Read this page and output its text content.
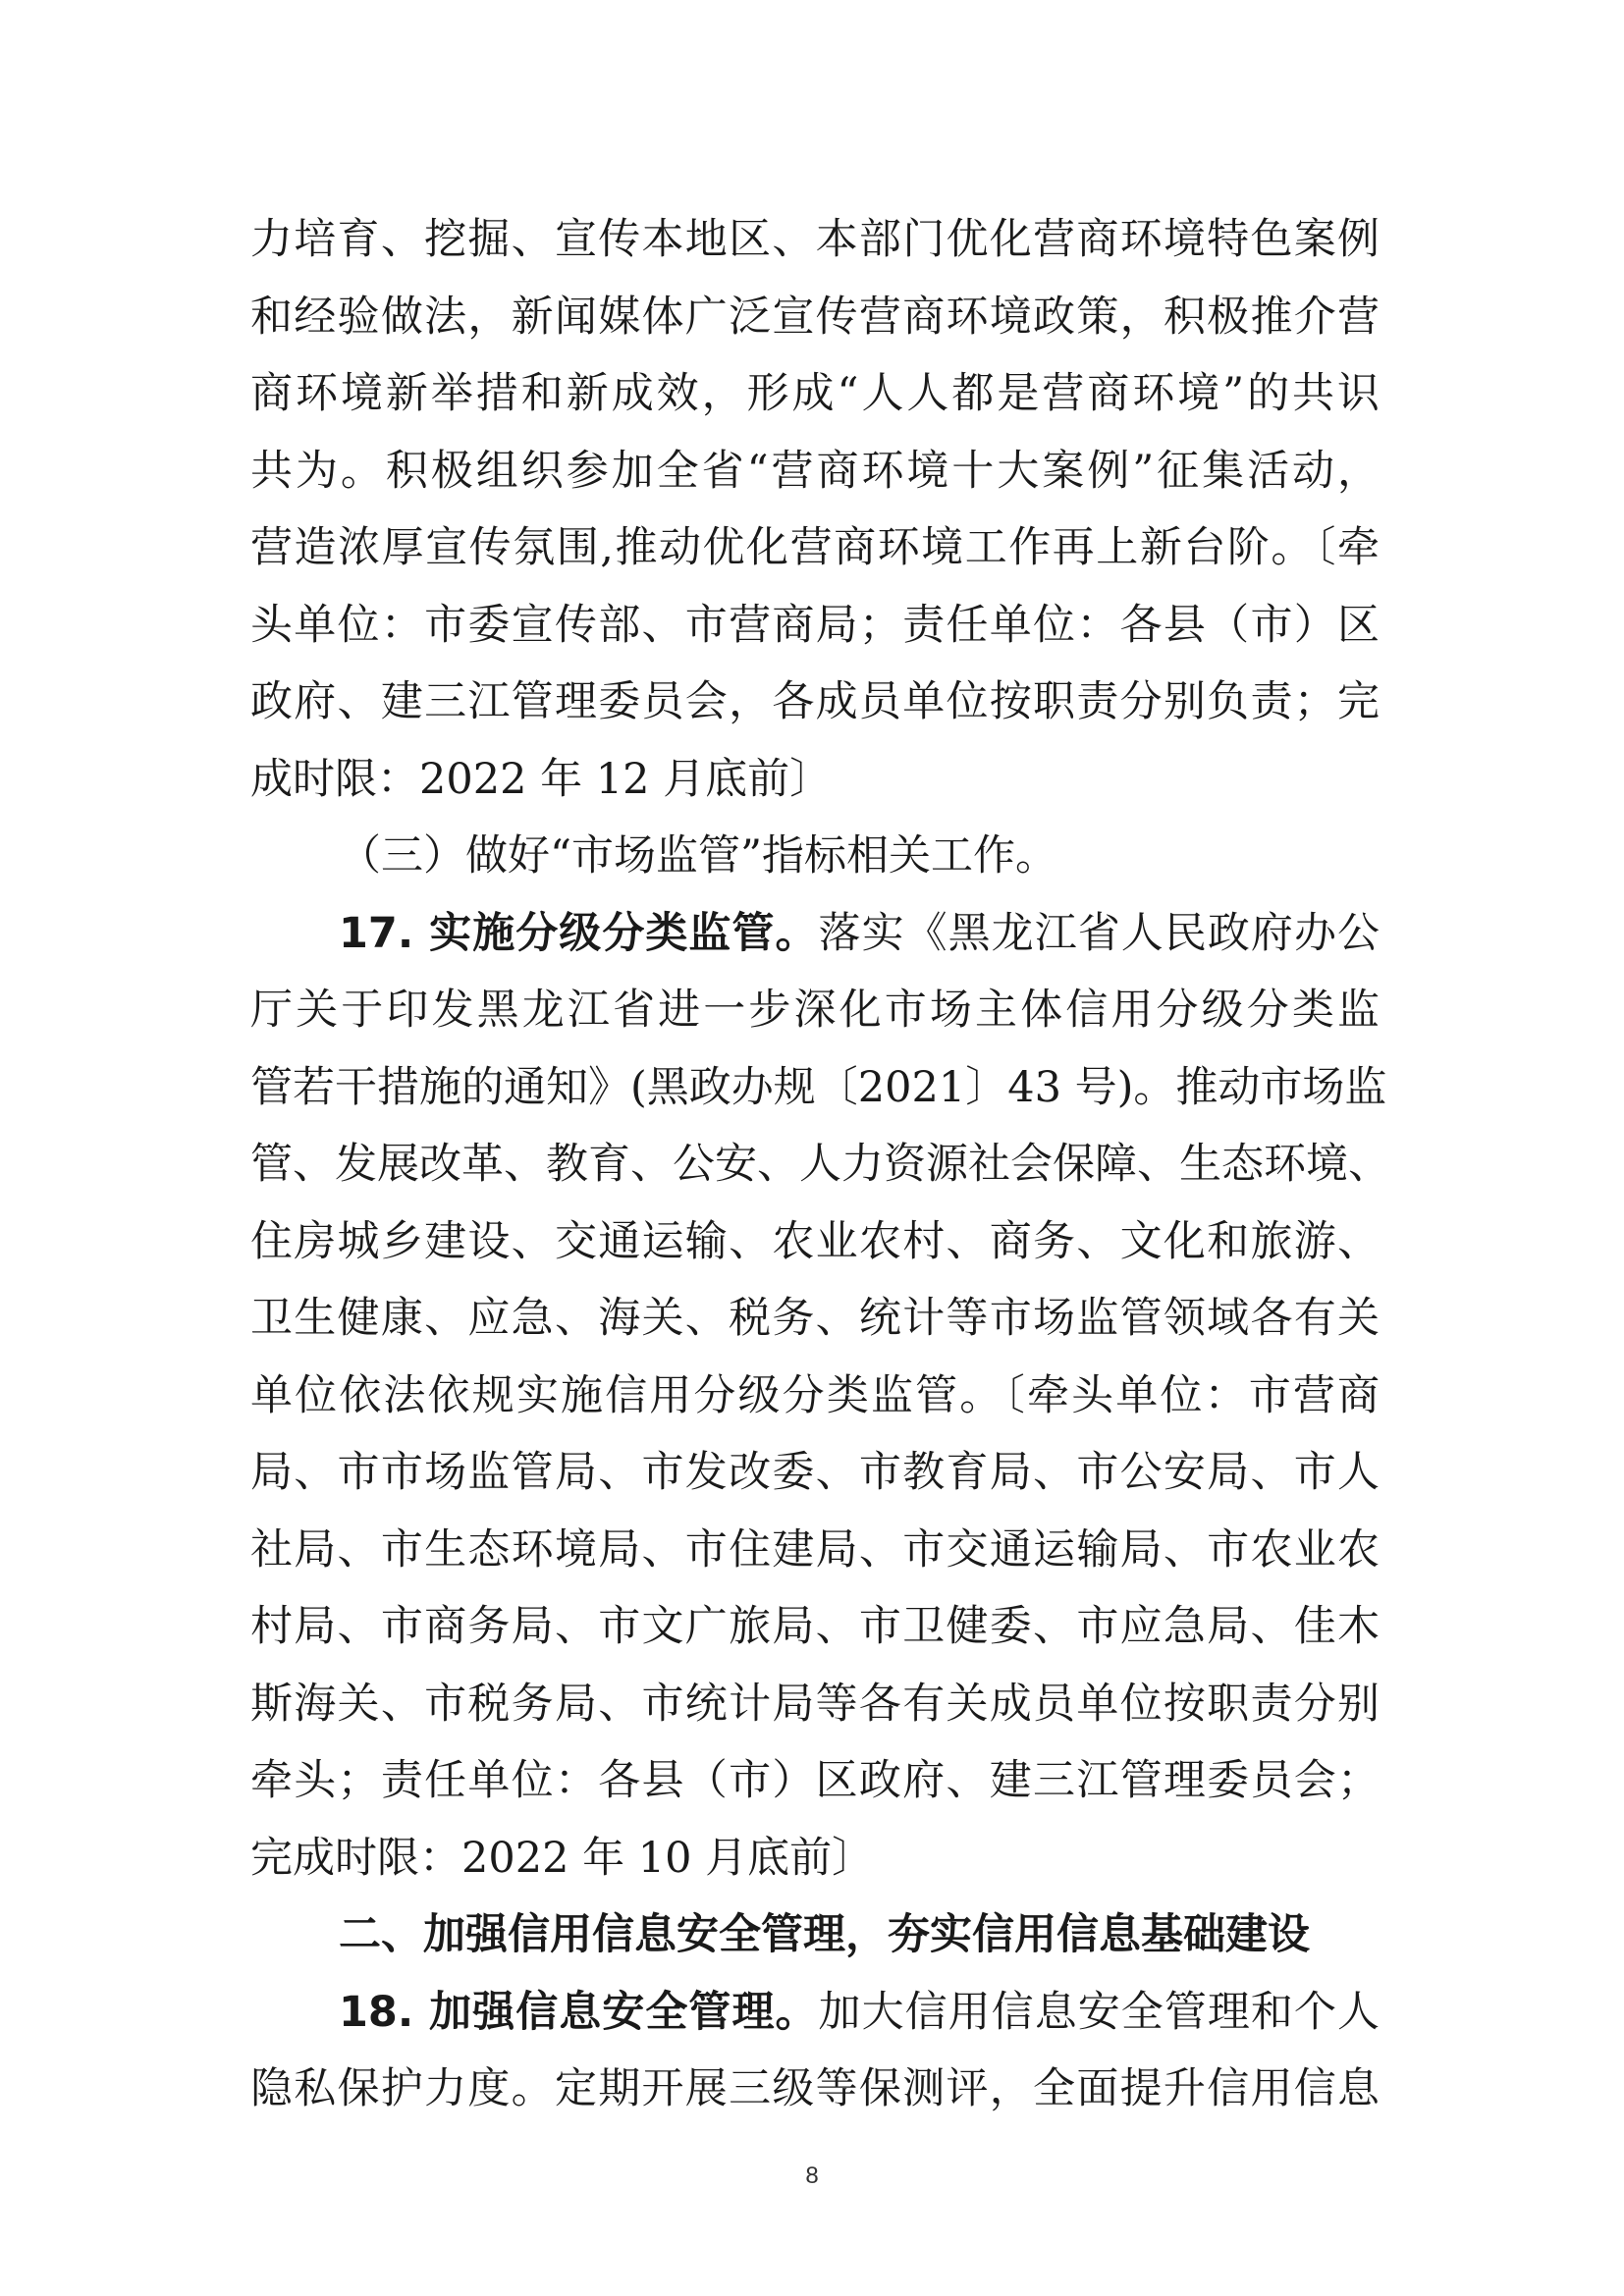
力培育、挖掘、宣传本地区、本部门优化营商环境特色案例
和经验做法，新闻媒体广泛宣传营商环境政策，积极推介营
商环境新举措和新成效，形成“人人都是营商环境”的共识
共为。积极组织参加全省“营商环境十大案例”征集活动，
营造浓厚宣传氛围,推动优化营商环境工作再上新台阶。〔牵
头单位：市委宣传部、市营商局；责任单位：各县（市）区
政府、建三江管理委员会，各成员单位按职责分别负责；完
成时限：2022 年 12 月底前〕
（三）做好“市场监管”指标相关工作。
17. 实施分级分类监管。落实《黑龙江省人民政府办公
厅关于印发黑龙江省进一步深化市场主体信用分级分类监
管若干措施的通知》(黑政办规〔2021〕43 号)。推动市场监
管、发展改革、教育、公安、人力资源社会保障、生态环境、
住房城乡建设、交通运输、农业农村、商务、文化和旅游、
卫生健康、应急、海关、税务、统计等市场监管领域各有关
单位依法依规实施信用分级分类监管。〔牵头单位：市营商
局、市市场监管局、市发改委、市教育局、市公安局、市人
社局、市生态环境局、市住建局、市交通运输局、市农业农
村局、市商务局、市文广旅局、市卫健委、市应急局、佳木
斯海关、市税务局、市统计局等各有关成员单位按职责分别
牵头；责任单位：各县（市）区政府、建三江管理委员会；
完成时限：2022 年 10 月底前〕
二、加强信用信息安全管理，夯实信用信息基础建设
18. 加强信息安全管理。加大信用信息安全管理和个人
隐私保护力度。定期开展三级等保测评，全面提升信用信息
8
